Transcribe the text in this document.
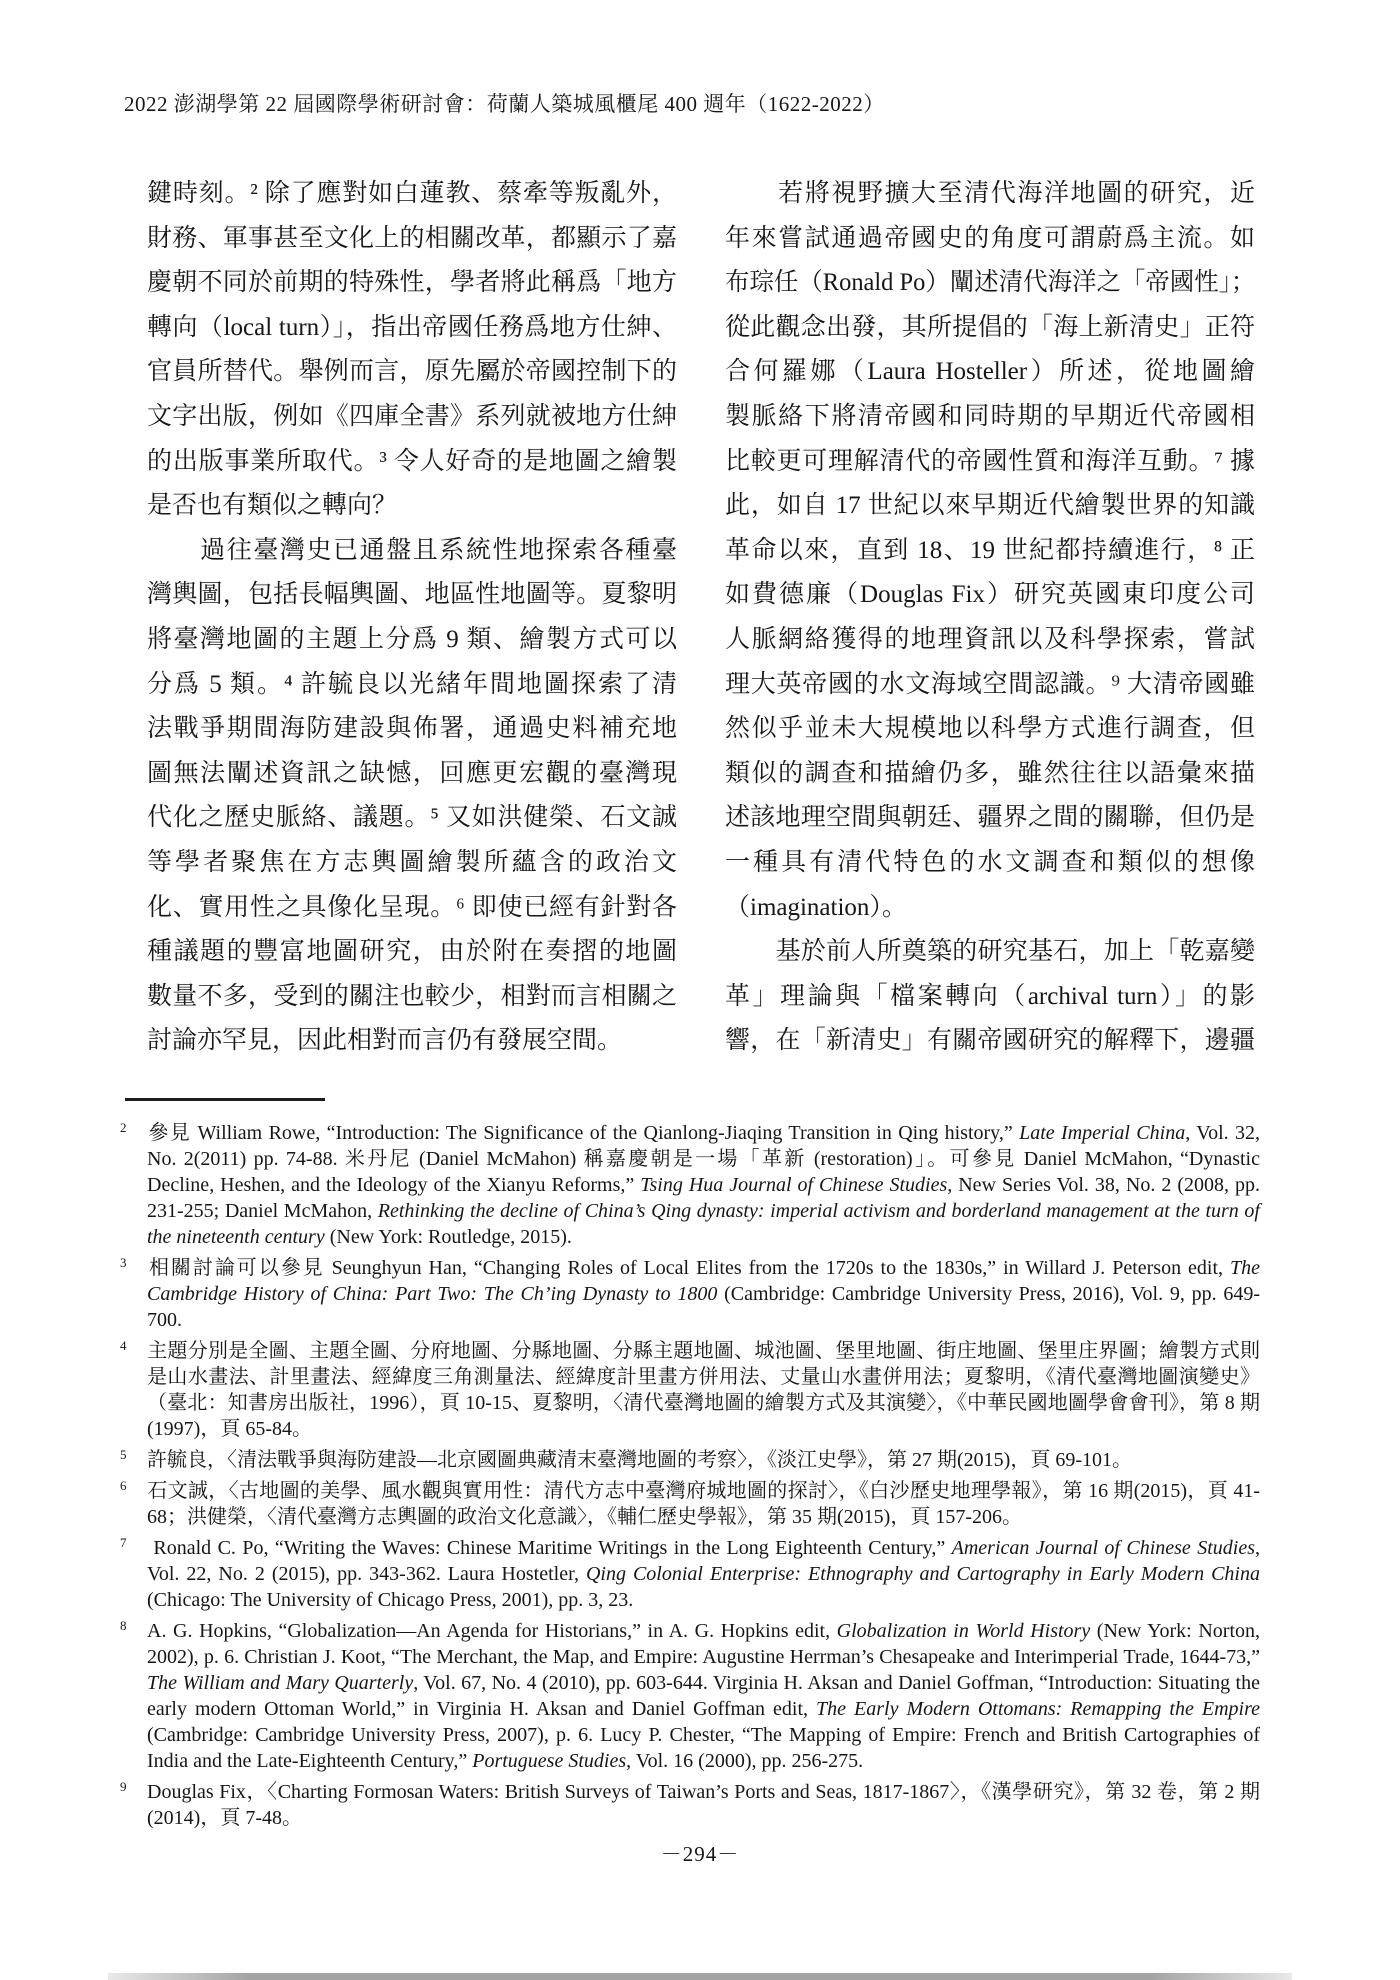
2022 澎湖學第 22 屆國際學術研討會：荷蘭人築城風櫃尾 400 週年（1622-2022）
鍵時刻。² 除了應對如白蓮教、蔡牽等叛亂外，
財務、軍事甚至文化上的相關改革，都顯示了嘉
慶朝不同於前期的特殊性，學者將此稱爲「地方
轉向（local turn）」，指出帝國任務爲地方仕紳、
官員所替代。舉例而言，原先屬於帝國控制下的
文字出版，例如《四庫全書》系列就被地方仕紳
的出版事業所取代。³ 令人好奇的是地圖之繪製
是否也有類似之轉向？
　　過往臺灣史已通盤且系統性地探索各種臺
灣輿圖，包括長幅輿圖、地區性地圖等。夏黎明
將臺灣地圖的主題上分爲 9 類、繪製方式可以
分爲 5 類。⁴ 許毓良以光緒年間地圖探索了清
法戰爭期間海防建設與佈署，通過史料補充地
圖無法闡述資訊之缺憾，回應更宏觀的臺灣現
代化之歷史脈絡、議題。⁵ 又如洪健榮、石文誠
等學者聚焦在方志輿圖繪製所蘊含的政治文
化、實用性之具像化呈現。⁶ 即使已經有針對各
種議題的豐富地圖研究，由於附在奏摺的地圖
數量不多，受到的關注也較少，相對而言相關之
討論亦罕見，因此相對而言仍有發展空間。
　　若將視野擴大至清代海洋地圖的研究，近
年來嘗試通過帝國史的角度可謂蔚爲主流。如
布琮任（Ronald Po）闡述清代海洋之「帝國性」；
從此觀念出發，其所提倡的「海上新清史」正符
合何羅娜（Laura Hosteller）所述，從地圖繪
製脈絡下將清帝國和同時期的早期近代帝國相
比較更可理解清代的帝國性質和海洋互動。⁷ 據
此，如自 17 世紀以來早期近代繪製世界的知識
革命以來，直到 18、19 世紀都持續進行，⁸ 正
如費德廉（Douglas Fix）研究英國東印度公司
人脈網絡獲得的地理資訊以及科學探索，嘗試
理大英帝國的水文海域空間認識。⁹ 大清帝國雖
然似乎並未大規模地以科學方式進行調查，但
類似的調查和描繪仍多，雖然往往以語彙來描
述該地理空間與朝廷、疆界之間的關聯，但仍是
一種具有清代特色的水文調查和類似的想像
（imagination）。
　　基於前人所奠築的研究基石，加上「乾嘉變
革」理論與「檔案轉向（archival turn）」的影
響，在「新清史」有關帝國研究的解釋下，邊疆
2 參見 William Rowe, “Introduction: The Significance of the Qianlong-Jiaqing Transition in Qing history,” Late Imperial China, Vol. 32, No. 2(2011) pp. 74-88. 米丹尼 (Daniel McMahon) 稱嘉慶朝是一場「革新 (restoration)」。可參見 Daniel McMahon, “Dynastic Decline, Heshen, and the Ideology of the Xianyu Reforms,” Tsing Hua Journal of Chinese Studies, New Series Vol. 38, No. 2 (2008, pp. 231-255; Daniel McMahon, Rethinking the decline of China’s Qing dynasty: imperial activism and borderland management at the turn of the nineteenth century (New York: Routledge, 2015).
3 相關討論可以參見 Seunghyun Han, “Changing Roles of Local Elites from the 1720s to the 1830s,” in Willard J. Peterson edit, The Cambridge History of China: Part Two: The Ch’ing Dynasty to 1800 (Cambridge: Cambridge University Press, 2016), Vol. 9, pp. 649-700.
4 主題分別是全圖、主題全圖、分府地圖、分縣地圖、分縣主題地圖、城池圖、堡里地圖、街庄地圖、堡里庄界圖；繪製方式則是山水畫法、計里畫法、經緯度三角測量法、經緯度計里畫方併用法、丈量山水畫併用法；夏黎明，《清代臺灣地圖演變史》（臺北：知書房出版社，1996），頁 10-15、夏黎明，〈清代臺灣地圖的繪製方式及其演變〉，《中華民國地圖學會會刊》，第 8 期(1997)，頁 65-84。
5 許毓良，〈清法戰爭與海防建設—北京國圖典藏清末臺灣地圖的考察〉，《淡江史學》，第 27 期(2015)，頁 69-101。
6 石文誠，〈古地圖的美學、風水觀與實用性：清代方志中臺灣府城地圖的探討〉，《白沙歷史地理學報》，第 16 期(2015)，頁 41-68；洪健榮，〈清代臺灣方志輿圖的政治文化意識〉，《輔仁歷史學報》，第 35 期(2015)，頁 157-206。
7 Ronald C. Po, “Writing the Waves: Chinese Maritime Writings in the Long Eighteenth Century,” American Journal of Chinese Studies, Vol. 22, No. 2 (2015), pp. 343-362. Laura Hostetler, Qing Colonial Enterprise: Ethnography and Cartography in Early Modern China (Chicago: The University of Chicago Press, 2001), pp. 3, 23.
8 A. G. Hopkins, “Globalization—An Agenda for Historians,” in A. G. Hopkins edit, Globalization in World History (New York: Norton, 2002), p. 6. Christian J. Koot, “The Merchant, the Map, and Empire: Augustine Herrman’s Chesapeake and Interimperial Trade, 1644-73,” The William and Mary Quarterly, Vol. 67, No. 4 (2010), pp. 603-644. Virginia H. Aksan and Daniel Goffman, “Introduction: Situating the early modern Ottoman World,” in Virginia H. Aksan and Daniel Goffman edit, The Early Modern Ottomans: Remapping the Empire (Cambridge: Cambridge University Press, 2007), p. 6. Lucy P. Chester, “The Mapping of Empire: French and British Cartographies of India and the Late-Eighteenth Century,” Portuguese Studies, Vol. 16 (2000), pp. 256-275.
9 Douglas Fix，〈Charting Formosan Waters: British Surveys of Taiwan’s Ports and Seas, 1817-1867〉，《漢學研究》，第 32 卷，第 2 期(2014)，頁 7-48。
－294－
